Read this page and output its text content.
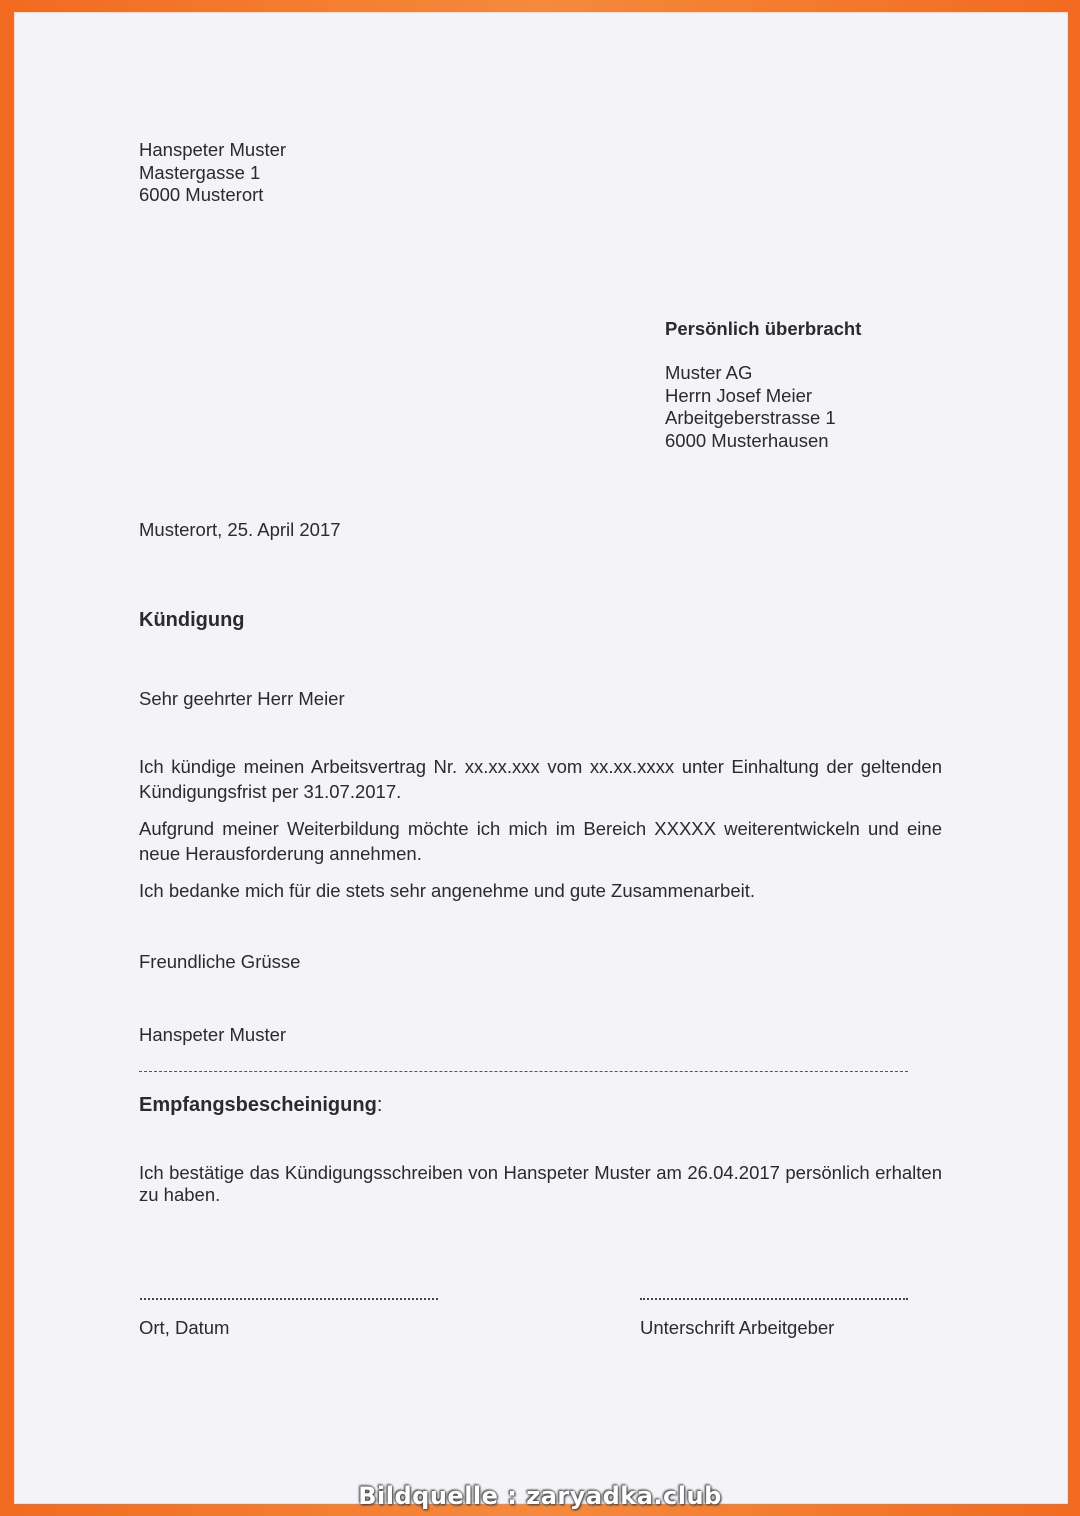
Hanspeter Muster
Mastergasse 1
6000 Musterort
Persönlich überbracht
Muster AG
Herrn Josef Meier
Arbeitgeberstrasse 1
6000 Musterhausen
Musterort, 25. April 2017
Kündigung
Sehr geehrter Herr Meier
Ich kündige meinen Arbeitsvertrag Nr. xx.xx.xxx vom xx.xx.xxxx unter Einhaltung der geltenden Kündigungsfrist per 31.07.2017.
Aufgrund meiner Weiterbildung möchte ich mich im Bereich XXXXX weiterentwickeln und eine neue Herausforderung annehmen.
Ich bedanke mich für die stets sehr angenehme und gute Zusammenarbeit.
Freundliche Grüsse
Hanspeter Muster
Empfangsbescheinigung:
Ich bestätige das Kündigungsschreiben von Hanspeter Muster am 26.04.2017 persönlich erhalten zu haben.
Ort, Datum	Unterschrift Arbeitgeber
Bildquelle : zaryadka.club
